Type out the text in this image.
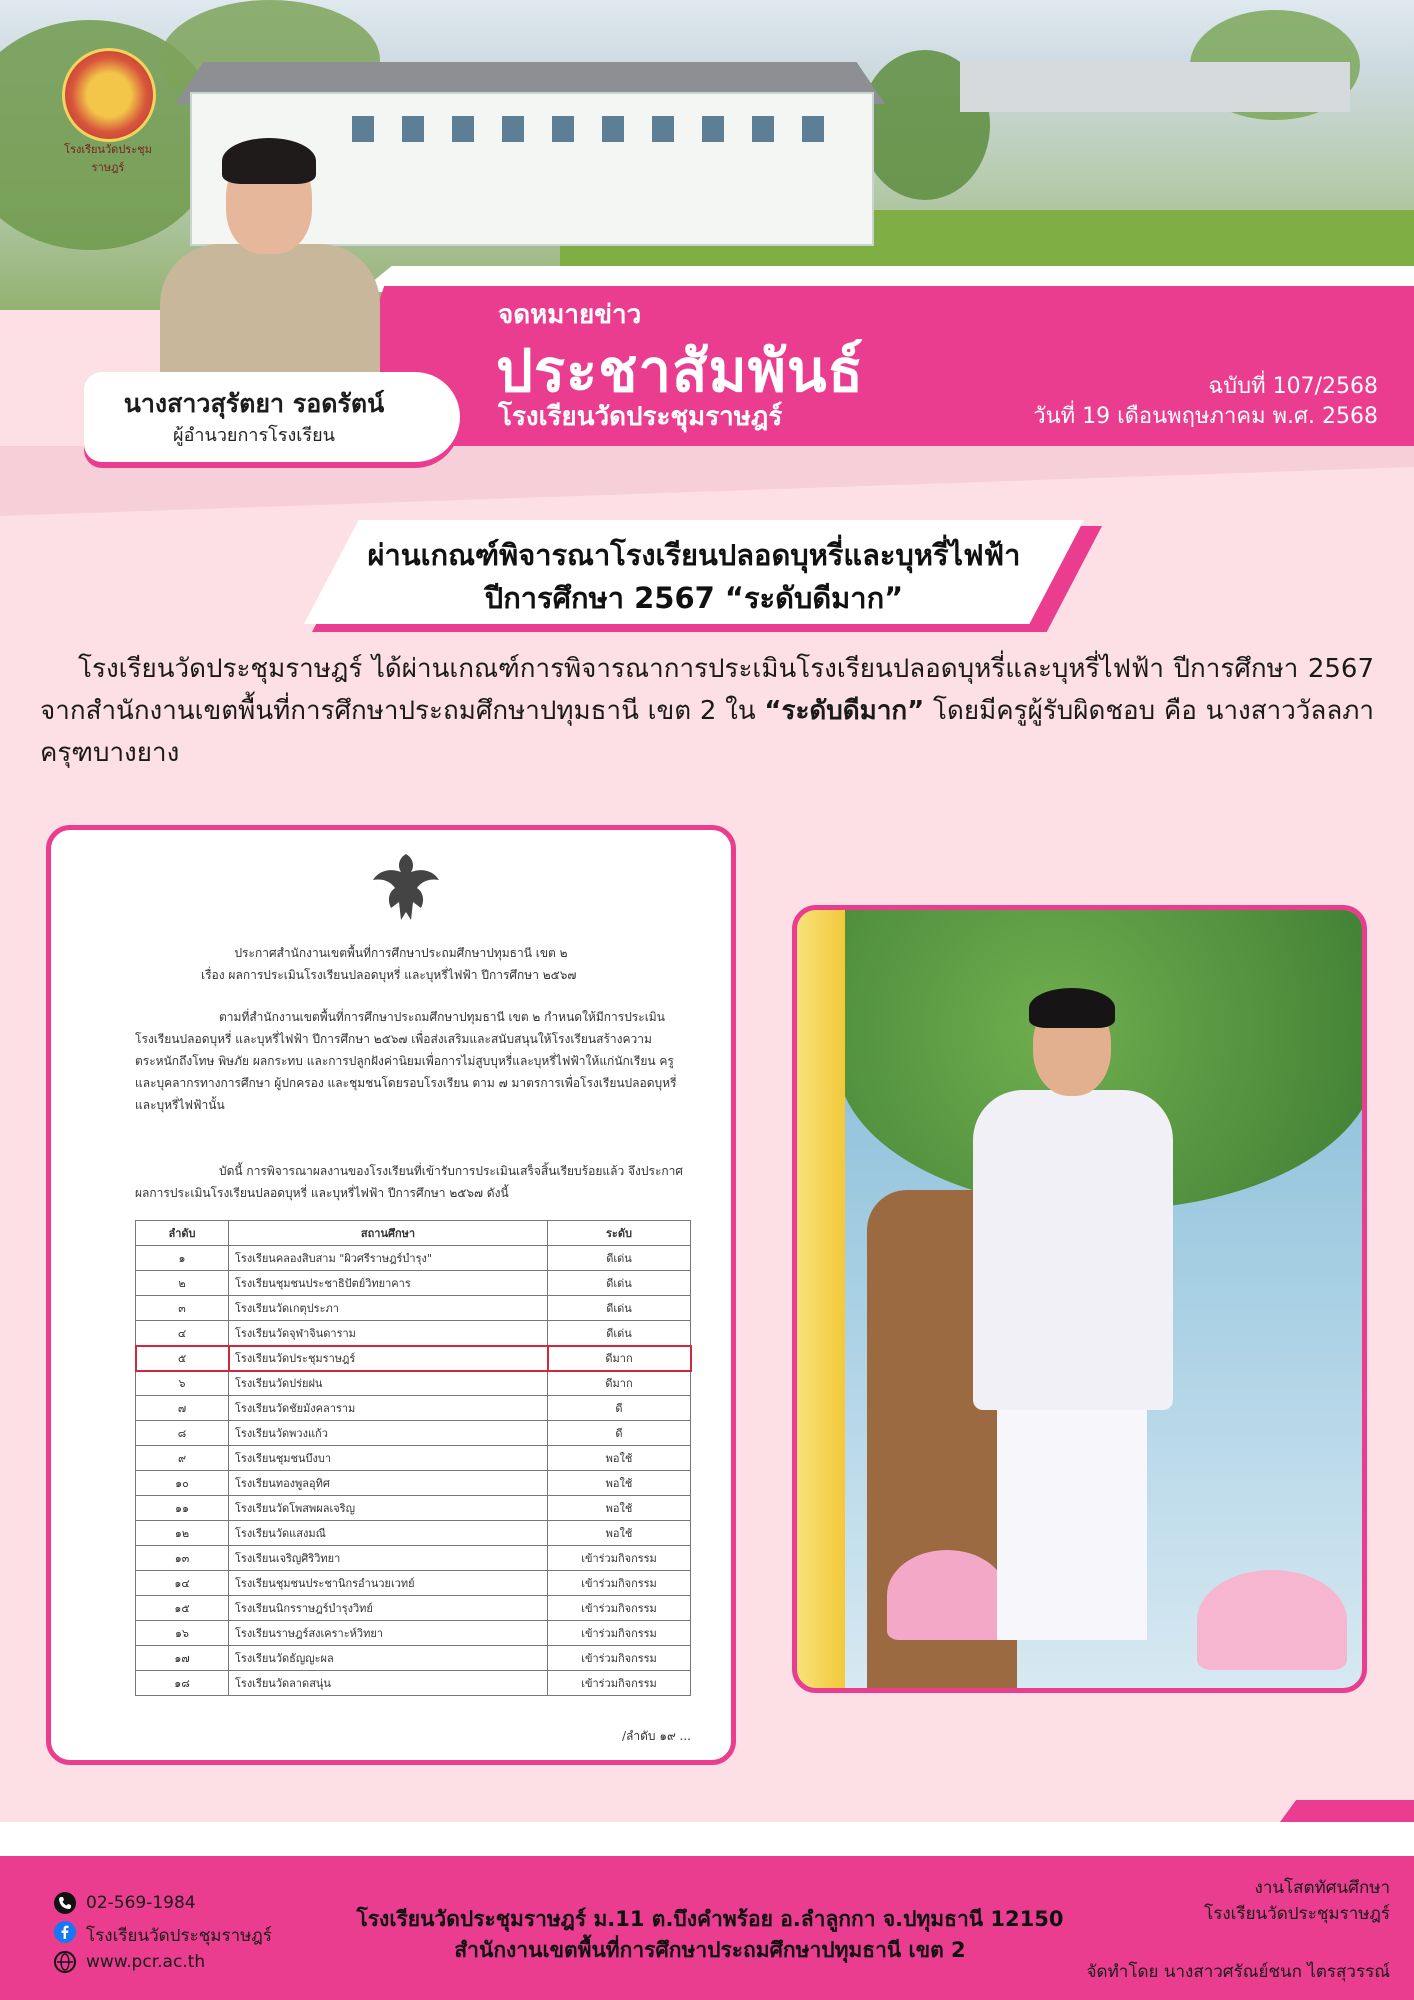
โรงเรียนวัดประชุมราษฎร์
จดหมายข่าว
ประชาสัมพันธ์
โรงเรียนวัดประชุมราษฎร์
ฉบับที่ 107/2568
วันที่ 19 เดือนพฤษภาคม พ.ศ. 2568
นางสาวสุรัตยา รอดรัตน์
ผู้อำนวยการโรงเรียน
ผ่านเกณฑ์พิจารณาโรงเรียนปลอดบุหรี่และบุหรี่ไฟฟ้า
ปีการศึกษา 2567 “ระดับดีมาก”
โรงเรียนวัดประชุมราษฎร์ ได้ผ่านเกณฑ์การพิจารณาการประเมินโรงเรียนปลอดบุหรี่และบุหรี่ไฟฟ้า ปีการศึกษา 2567 จากสำนักงานเขตพื้นที่การศึกษาประถมศึกษาปทุมธานี เขต 2 ใน “ระดับดีมาก” โดยมีครูผู้รับผิดชอบ คือ นางสาววัลลภา ครุฑบางยาง
ประกาศสำนักงานเขตพื้นที่การศึกษาประถมศึกษาปทุมธานี เขต ๒
เรื่อง ผลการประเมินโรงเรียนปลอดบุหรี่ และบุหรี่ไฟฟ้า ปีการศึกษา ๒๕๖๗
ตามที่สำนักงานเขตพื้นที่การศึกษาประถมศึกษาปทุมธานี เขต ๒ กำหนดให้มีการประเมินโรงเรียนปลอดบุหรี่ และบุหรี่ไฟฟ้า ปีการศึกษา ๒๕๖๗ เพื่อส่งเสริมและสนับสนุนให้โรงเรียนสร้างความตระหนักถึงโทษ พิษภัย ผลกระทบ และการปลูกฝังค่านิยมเพื่อการไม่สูบบุหรี่และบุหรี่ไฟฟ้าให้แก่นักเรียน ครูและบุคลากรทางการศึกษา ผู้ปกครอง และชุมชนโดยรอบโรงเรียน ตาม ๗ มาตรการเพื่อโรงเรียนปลอดบุหรี่และบุหรี่ไฟฟ้านั้น
บัดนี้ การพิจารณาผลงานของโรงเรียนที่เข้ารับการประเมินเสร็จสิ้นเรียบร้อยแล้ว จึงประกาศผลการประเมินโรงเรียนปลอดบุหรี่ และบุหรี่ไฟฟ้า ปีการศึกษา ๒๕๖๗ ดังนี้
ลำดับ	สถานศึกษา	ระดับ
๑	โรงเรียนคลองสิบสาม "ผิวศรีราษฎร์บำรุง"	ดีเด่น
๒	โรงเรียนชุมชนประชาธิปัตย์วิทยาคาร	ดีเด่น
๓	โรงเรียนวัดเกตุประภา	ดีเด่น
๔	โรงเรียนวัดจุฬาจินดาราม	ดีเด่น
๕	โรงเรียนวัดประชุมราษฎร์	ดีมาก
๖	โรงเรียนวัดปร่ยฝน	ดีมาก
๗	โรงเรียนวัดชัยมังคลาราม	ดี
๘	โรงเรียนวัดพวงแก้ว	ดี
๙	โรงเรียนชุมชนบึงบา	พอใช้
๑๐	โรงเรียนทองพูลอุทิศ	พอใช้
๑๑	โรงเรียนวัดโพสพผลเจริญ	พอใช้
๑๒	โรงเรียนวัดแสงมณี	พอใช้
๑๓	โรงเรียนเจริญศิริวิทยา	เข้าร่วมกิจกรรม
๑๔	โรงเรียนชุมชนประชานิกรอำนวยเวทย์	เข้าร่วมกิจกรรม
๑๕	โรงเรียนนิกรราษฎร์บำรุงวิทย์	เข้าร่วมกิจกรรม
๑๖	โรงเรียนราษฎร์สงเคราะห์วิทยา	เข้าร่วมกิจกรรม
๑๗	โรงเรียนวัดธัญญะผล	เข้าร่วมกิจกรรม
๑๘	โรงเรียนวัดลาดสนุ่น	เข้าร่วมกิจกรรม
/ลำดับ ๑๙ ...
02-569-1984
โรงเรียนวัดประชุมราษฎร์
www.pcr.ac.th
โรงเรียนวัดประชุมราษฎร์ ม.11 ต.บึงคำพร้อย อ.ลำลูกกา จ.ปทุมธานี 12150
สำนักงานเขตพื้นที่การศึกษาประถมศึกษาปทุมธานี เขต 2
งานโสตทัศนศึกษา
โรงเรียนวัดประชุมราษฎร์
จัดทำโดย นางสาวศรัณย์ชนก ไตรสุวรรณ์
